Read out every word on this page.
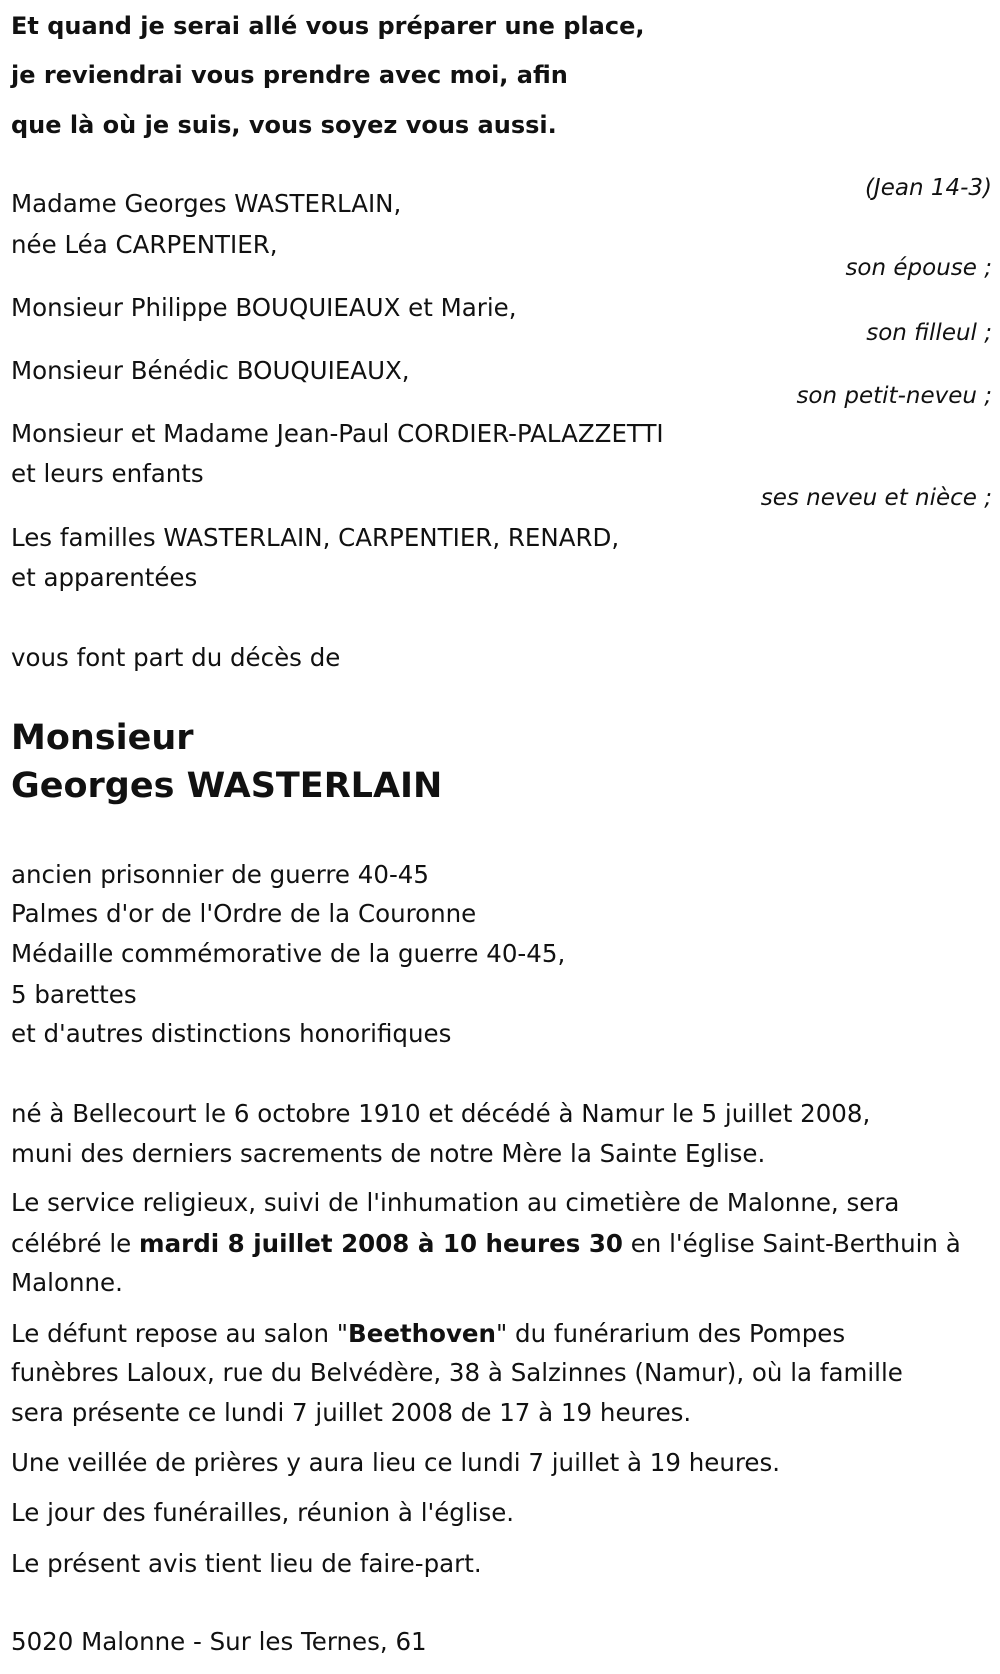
Et quand je serai allé vous préparer une place,
je reviendrai vous prendre avec moi, afin
que là où je suis, vous soyez vous aussi.
(Jean 14-3)
Madame Georges WASTERLAIN,
née Léa CARPENTIER,
son épouse ;
Monsieur Philippe BOUQUIEAUX et Marie,
son filleul ;
Monsieur Bénédic BOUQUIEAUX,
son petit-neveu ;
Monsieur et Madame Jean-Paul CORDIER-PALAZZETTI
et leurs enfants
ses neveu et nièce ;
Les familles WASTERLAIN, CARPENTIER, RENARD,
et apparentées
vous font part du décès de
Monsieur
Georges WASTERLAIN
ancien prisonnier de guerre 40-45
Palmes d'or de l'Ordre de la Couronne
Médaille commémorative de la guerre 40-45,
5 barettes
et d'autres distinctions honorifiques
né à Bellecourt le 6 octobre 1910 et décédé à Namur le 5 juillet 2008,
muni des derniers sacrements de notre Mère la Sainte Eglise.
Le service religieux, suivi de l'inhumation au cimetière de Malonne, sera
célébré le mardi 8 juillet 2008 à 10 heures 30 en l'église Saint-Berthuin à
Malonne.
Le défunt repose au salon "Beethoven" du funérarium des Pompes
funèbres Laloux, rue du Belvédère, 38 à Salzinnes (Namur), où la famille
sera présente ce lundi 7 juillet 2008 de 17 à 19 heures.
Une veillée de prières y aura lieu ce lundi 7 juillet à 19 heures.
Le jour des funérailles, réunion à l'église.
Le présent avis tient lieu de faire-part.
5020 Malonne - Sur les Ternes, 61
